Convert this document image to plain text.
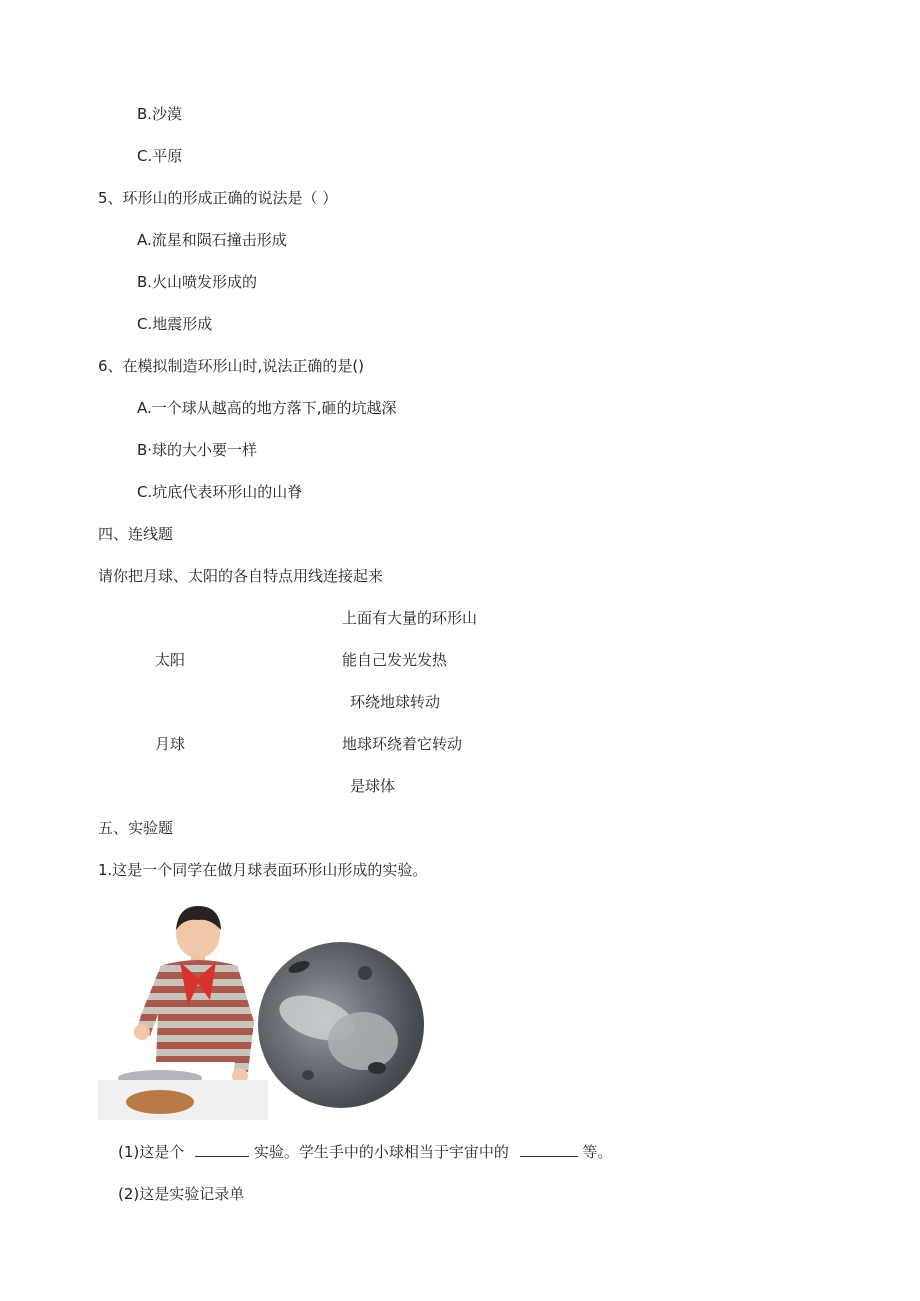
B.沙漠
C.平原
5、环形山的形成正确的说法是（ ）
A.流星和陨石撞击形成
B.火山喷发形成的
C.地震形成
6、在模拟制造环形山时,说法正确的是()
A.一个球从越高的地方落下,砸的坑越深
B·球的大小要一样
C.坑底代表环形山的山脊
四、连线题
请你把月球、太阳的各自特点用线连接起来
上面有大量的环形山
太阳	能自己发光发热
环绕地球转动
月球	地球环绕着它转动
是球体
五、实验题
1.这是一个同学在做月球表面环形山形成的实验。
(1)这是个	实验。学生手中的小球相当于宇宙中的	等。
(2)这是实验记录单
